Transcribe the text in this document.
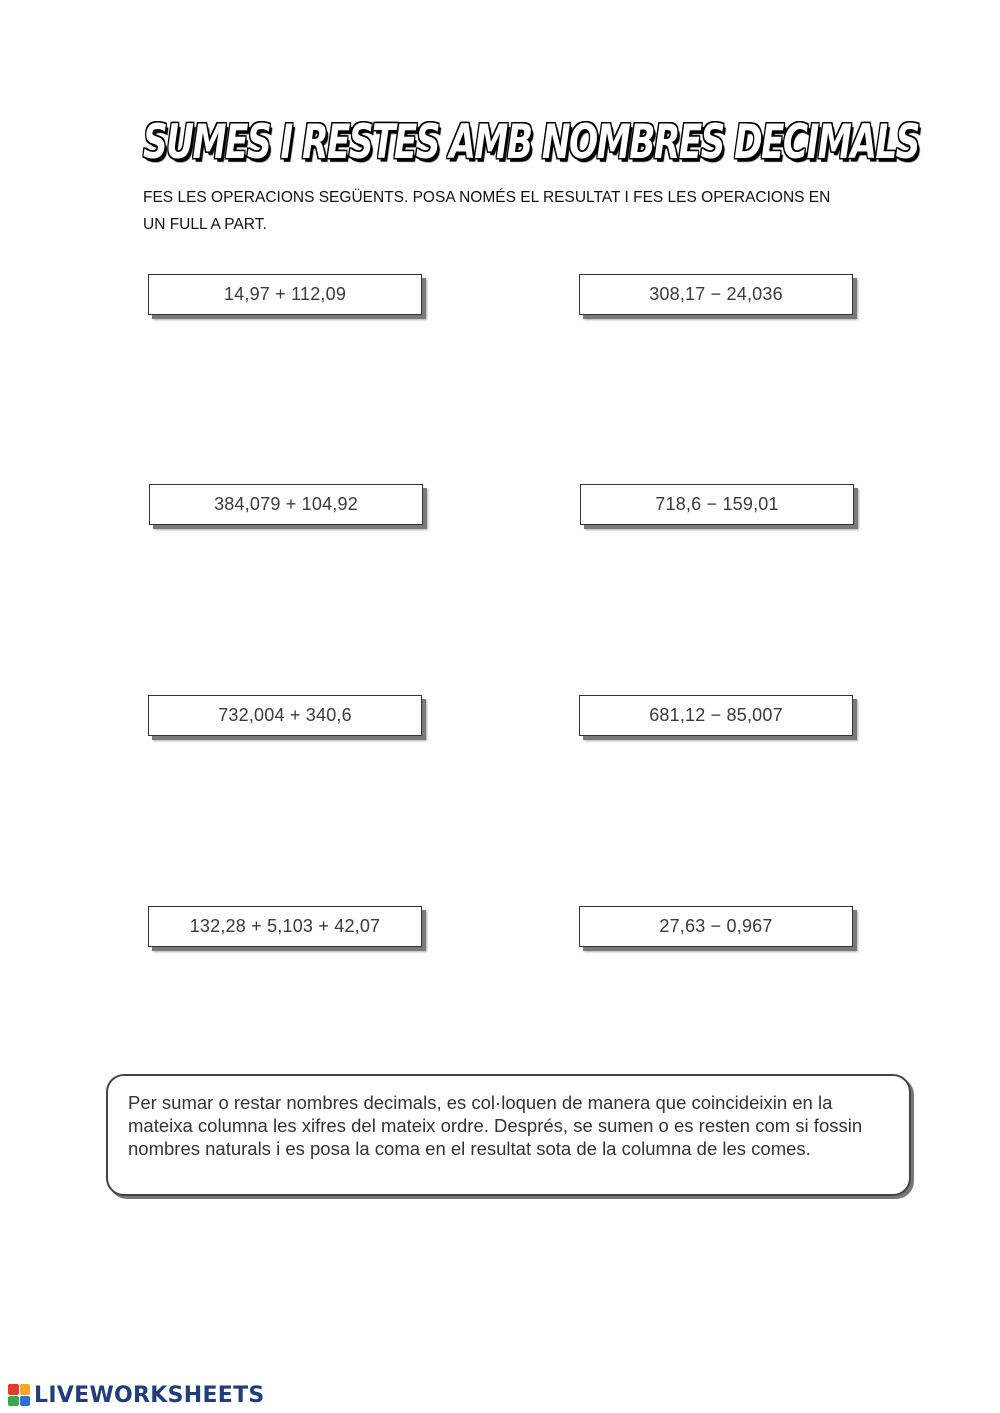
SUMES I RESTES AMB NOMBRES DECIMALS

FES LES OPERACIONS SEGÜENTS. POSA NOMÉS EL RESULTAT I FES LES OPERACIONS EN UN FULL A PART.

14,97 + 112,09	308,17 − 24,036
384,079 + 104,92	718,6 − 159,01
732,004 + 340,6	681,12 − 85,007
132,28 + 5,103 + 42,07	27,63 − 0,967

Per sumar o restar nombres decimals, es col·loquen de manera que coincideixin en la mateixa columna les xifres del mateix ordre. Després, se sumen o es resten com si fossin nombres naturals i es posa la coma en el resultat sota de la columna de les comes.

LIVEWORKSHEETS
